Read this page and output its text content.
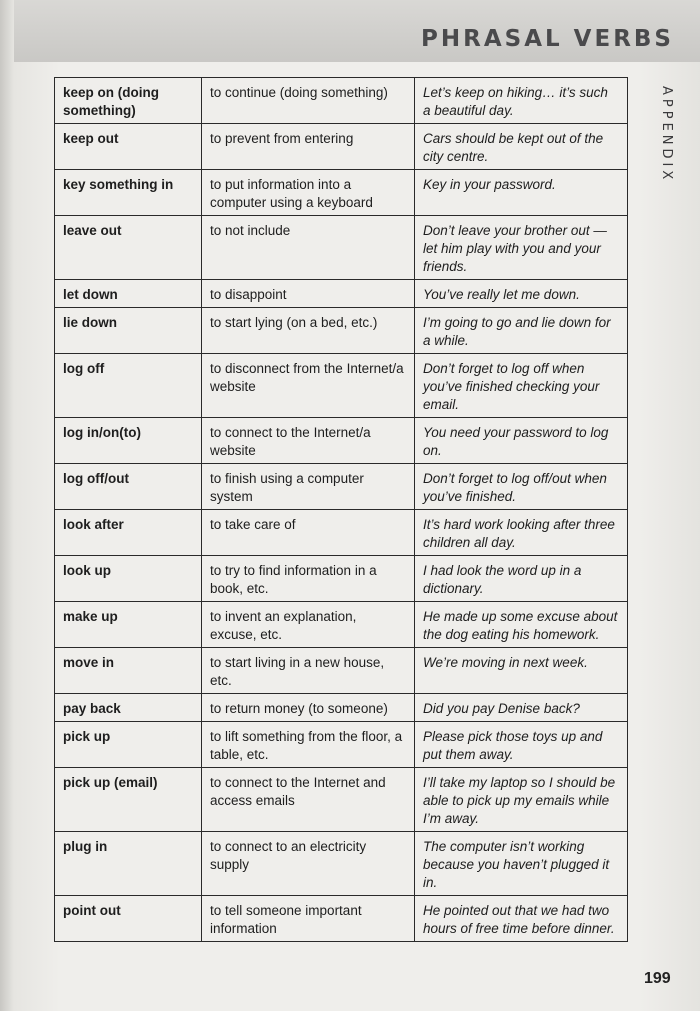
PHRASAL VERBS
APPENDIX
keep on (doing something)	to continue (doing something)	Let’s keep on hiking… it’s such a beautiful day.
keep out	to prevent from entering	Cars should be kept out of the city centre.
key something in	to put information into a computer using a keyboard	Key in your password.
leave out	to not include	Don’t leave your brother out — let him play with you and your friends.
let down	to disappoint	You’ve really let me down.
lie down	to start lying (on a bed, etc.)	I’m going to go and lie down for a while.
log off	to disconnect from the Internet/a website	Don’t forget to log off when you’ve finished checking your email.
log in/on(to)	to connect to the Internet/a website	You need your password to log on.
log off/out	to finish using a computer system	Don’t forget to log off/out when you’ve finished.
look after	to take care of	It’s hard work looking after three children all day.
look up	to try to find information in a book, etc.	I had look the word up in a dictionary.
make up	to invent an explanation, excuse, etc.	He made up some excuse about the dog eating his homework.
move in	to start living in a new house, etc.	We’re moving in next week.
pay back	to return money (to someone)	Did you pay Denise back?
pick up	to lift something from the floor, a table, etc.	Please pick those toys up and put them away.
pick up (email)	to connect to the Internet and access emails	I’ll take my laptop so I should be able to pick up my emails while I’m away.
plug in	to connect to an electricity supply	The computer isn’t working because you haven’t plugged it in.
point out	to tell someone important information	He pointed out that we had two hours of free time before dinner.
199
